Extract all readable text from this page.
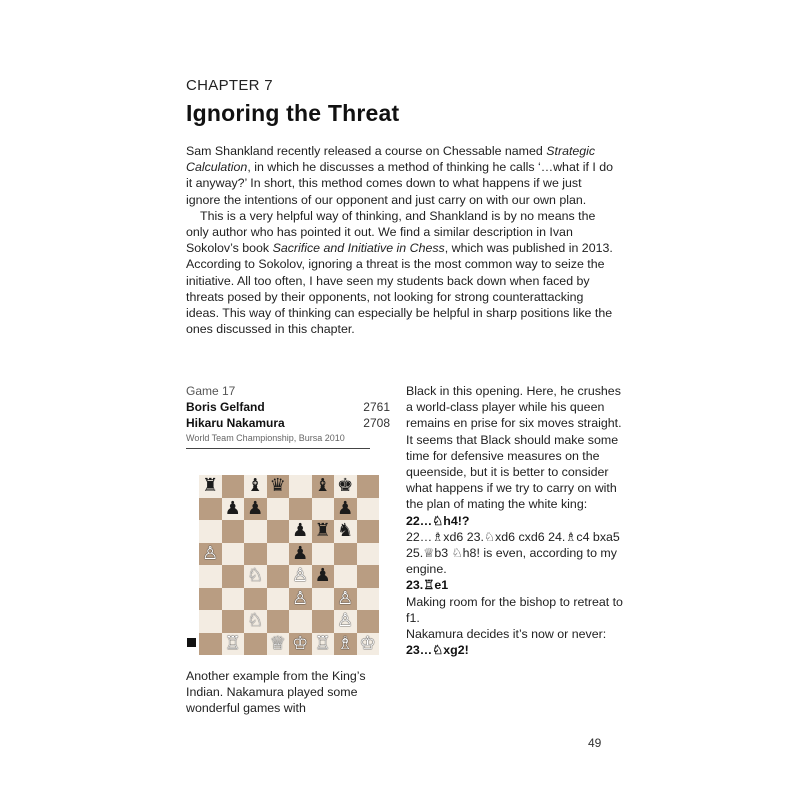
CHAPTER 7
Ignoring the Threat

Sam Shankland recently released a course on Chessable named Strategic Calculation, in which he discusses a method of thinking he calls ‘…what if I do it anyway?’ In short, this method comes down to what happens if we just ignore the intentions of our opponent and just carry on with our own plan.

This is a very helpful way of thinking, and Shankland is by no means the only author who has pointed it out. We find a similar description in Ivan Sokolov’s book Sacrifice and Initiative in Chess, which was published in 2013. According to Sokolov, ignoring a threat is the most common way to seize the initiative. All too often, I have seen my students back down when faced by threats posed by their opponents, not looking for strong counterattacking ideas. This way of thinking can especially be helpful in sharp positions like the ones discussed in this chapter.

Game 17
Boris Gelfand	2761
Hikaru Nakamura	2708
World Team Championship, Bursa 2010
♜ ♝ ♛ ♝ ♚
♟ ♟	♟
♟ ♜ ♞
♙	♟
♘ ♙ ♟
♙ ♙
♘	♙
♖ ♕ ♔ ♖ ♗ ♔
Another example from the King’s Indian. Nakamura played some wonderful games with

Black in this opening. Here, he crushes a world-class player while his queen remains en prise for six moves straight.

It seems that Black should make some time for defensive measures on the queenside, but it is better to consider what happens if we try to carry on with the plan of mating the white king:

22…♘h4!?

22…♗xd6 23.♘xd6 cxd6 24.♗c4 bxa5 25.♕b3 ♘h8! is even, according to my engine.

23.♖e1

Making room for the bishop to retreat to f1.

Nakamura decides it’s now or never:

23…♘xg2!

49
